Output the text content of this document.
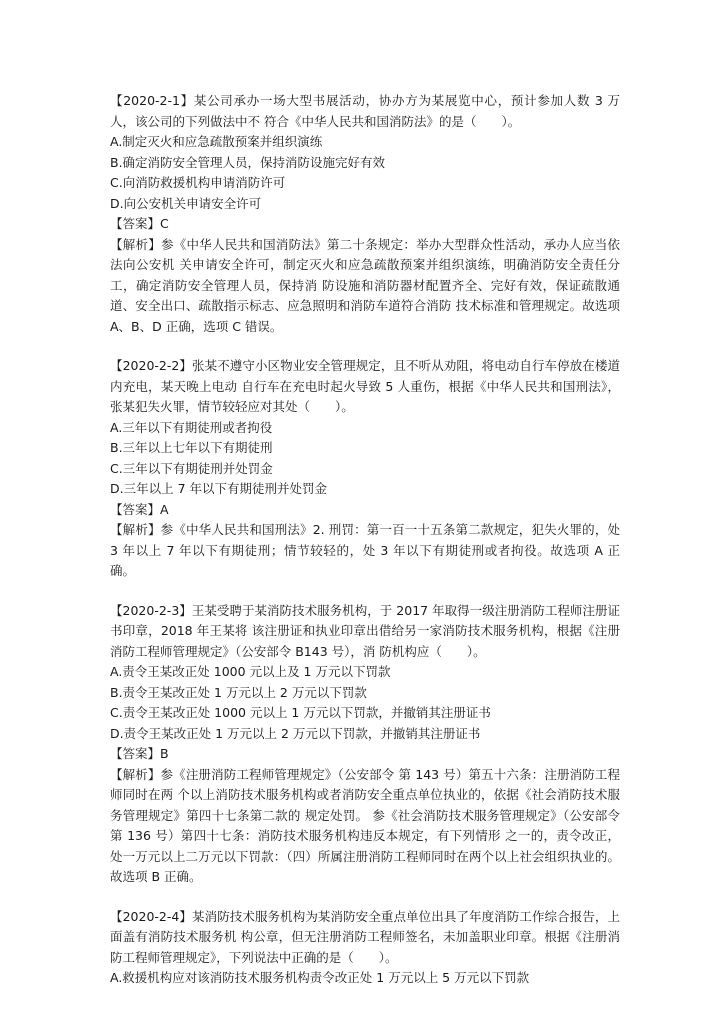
【2020-2-1】某公司承办一场大型书展活动，协办方为某展览中心，预计参加人数 3 万人，该公司的下列做法中不 符合《中华人民共和国消防法》的是（　　）。
A.制定灭火和应急疏散预案并组织演练
B.确定消防安全管理人员，保持消防设施完好有效
C.向消防救援机构申请消防许可
D.向公安机关申请安全许可
【答案】C
【解析】参《中华人民共和国消防法》第二十条规定：举办大型群众性活动，承办人应当依法向公安机 关申请安全许可，制定灭火和应急疏散预案并组织演练，明确消防安全责任分工，确定消防安全管理人员，保持消 防设施和消防器材配置齐全、完好有效，保证疏散通道、安全出口、疏散指示标志、应急照明和消防车道符合消防 技术标准和管理规定。故选项 A、B、D 正确，选项 C 错误。
【2020-2-2】张某不遵守小区物业安全管理规定，且不听从劝阻，将电动自行车停放在楼道内充电，某天晚上电动 自行车在充电时起火导致 5 人重伤，根据《中华人民共和国刑法》，张某犯失火罪，情节较轻应对其处（　　）。
A.三年以下有期徒刑或者拘役
B.三年以上七年以下有期徒刑
C.三年以下有期徒刑并处罚金
D.三年以上 7 年以下有期徒刑并处罚金
【答案】A
【解析】参《中华人民共和国刑法》2. 刑罚：第一百一十五条第二款规定，犯失火罪的，处 3 年以上 7 年以下有期徒刑；情节较轻的，处 3 年以下有期徒刑或者拘役。故选项 A 正确。
【2020-2-3】王某受聘于某消防技术服务机构，于 2017 年取得一级注册消防工程师注册证书印章，2018 年王某将 该注册证和执业印章出借给另一家消防技术服务机构，根据《注册消防工程师管理规定》（公安部令 B143 号），消 防机构应（　　）。
A.责令王某改正处 1000 元以上及 1 万元以下罚款
B.责令王某改正处 1 万元以上 2 万元以下罚款
C.责令王某改正处 1000 元以上 1 万元以下罚款，并撤销其注册证书
D.责令王某改正处 1 万元以上 2 万元以下罚款，并撤销其注册证书
【答案】B
【解析】参《注册消防工程师管理规定》（公安部令 第 143 号）第五十六条：注册消防工程师同时在两 个以上消防技术服务机构或者消防安全重点单位执业的，依据《社会消防技术服务管理规定》第四十七条第二款的 规定处罚。 参《社会消防技术服务管理规定》（公安部令第 136 号）第四十七条：消防技术服务机构违反本规定，有下列情形 之一的，责令改正，处一万元以上二万元以下罚款：（四）所属注册消防工程师同时在两个以上社会组织执业的。 故选项 B 正确。
【2020-2-4】某消防技术服务机构为某消防安全重点单位出具了年度消防工作综合报告，上面盖有消防技术服务机 构公章，但无注册消防工程师签名，未加盖职业印章。根据《注册消防工程师管理规定》，下列说法中正确的是（　　）。
A.救援机构应对该消防技术服务机构责令改正处 1 万元以上 5 万元以下罚款
